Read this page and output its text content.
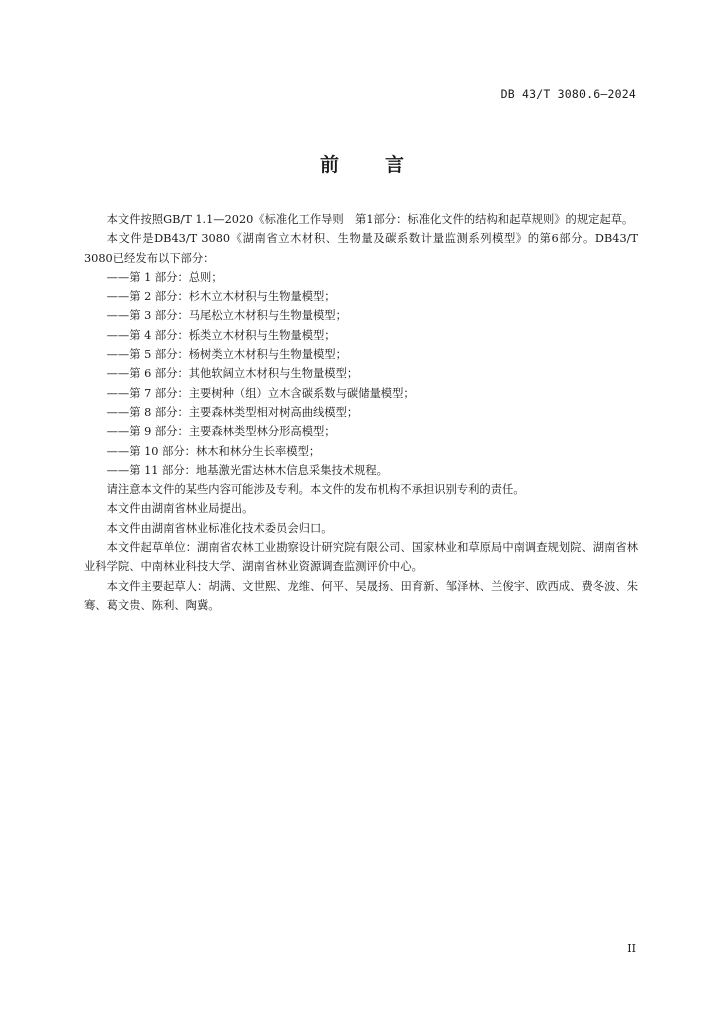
DB 43/T 3080.6—2024
前 言

本文件按照GB/T 1.1—2020《标准化工作导则　第1部分：标准化文件的结构和起草规则》的规定起草。

本文件是DB43/T 3080《湖南省立木材积、生物量及碳系数计量监测系列模型》的第6部分。DB43/T 3080已经发布以下部分：

——第 1 部分：总则；

——第 2 部分：杉木立木材积与生物量模型；

——第 3 部分：马尾松立木材积与生物量模型；

——第 4 部分：栎类立木材积与生物量模型；

——第 5 部分：杨树类立木材积与生物量模型；

——第 6 部分：其他软阔立木材积与生物量模型；

——第 7 部分：主要树种（组）立木含碳系数与碳储量模型；

——第 8 部分：主要森林类型相对树高曲线模型；

——第 9 部分：主要森林类型林分形高模型；

——第 10 部分：林木和林分生长率模型；

——第 11 部分：地基激光雷达林木信息采集技术规程。

请注意本文件的某些内容可能涉及专利。本文件的发布机构不承担识别专利的责任。

本文件由湖南省林业局提出。

本文件由湖南省林业标准化技术委员会归口。

本文件起草单位：湖南省农林工业勘察设计研究院有限公司、国家林业和草原局中南调查规划院、湖南省林业科学院、中南林业科技大学、湖南省林业资源调查监测评价中心。

本文件主要起草人：胡满、文世熙、龙维、何平、吴晟扬、田育新、邹泽林、兰俊宇、欧西成、费冬波、朱骞、葛文贵、陈利、陶冀。

II
